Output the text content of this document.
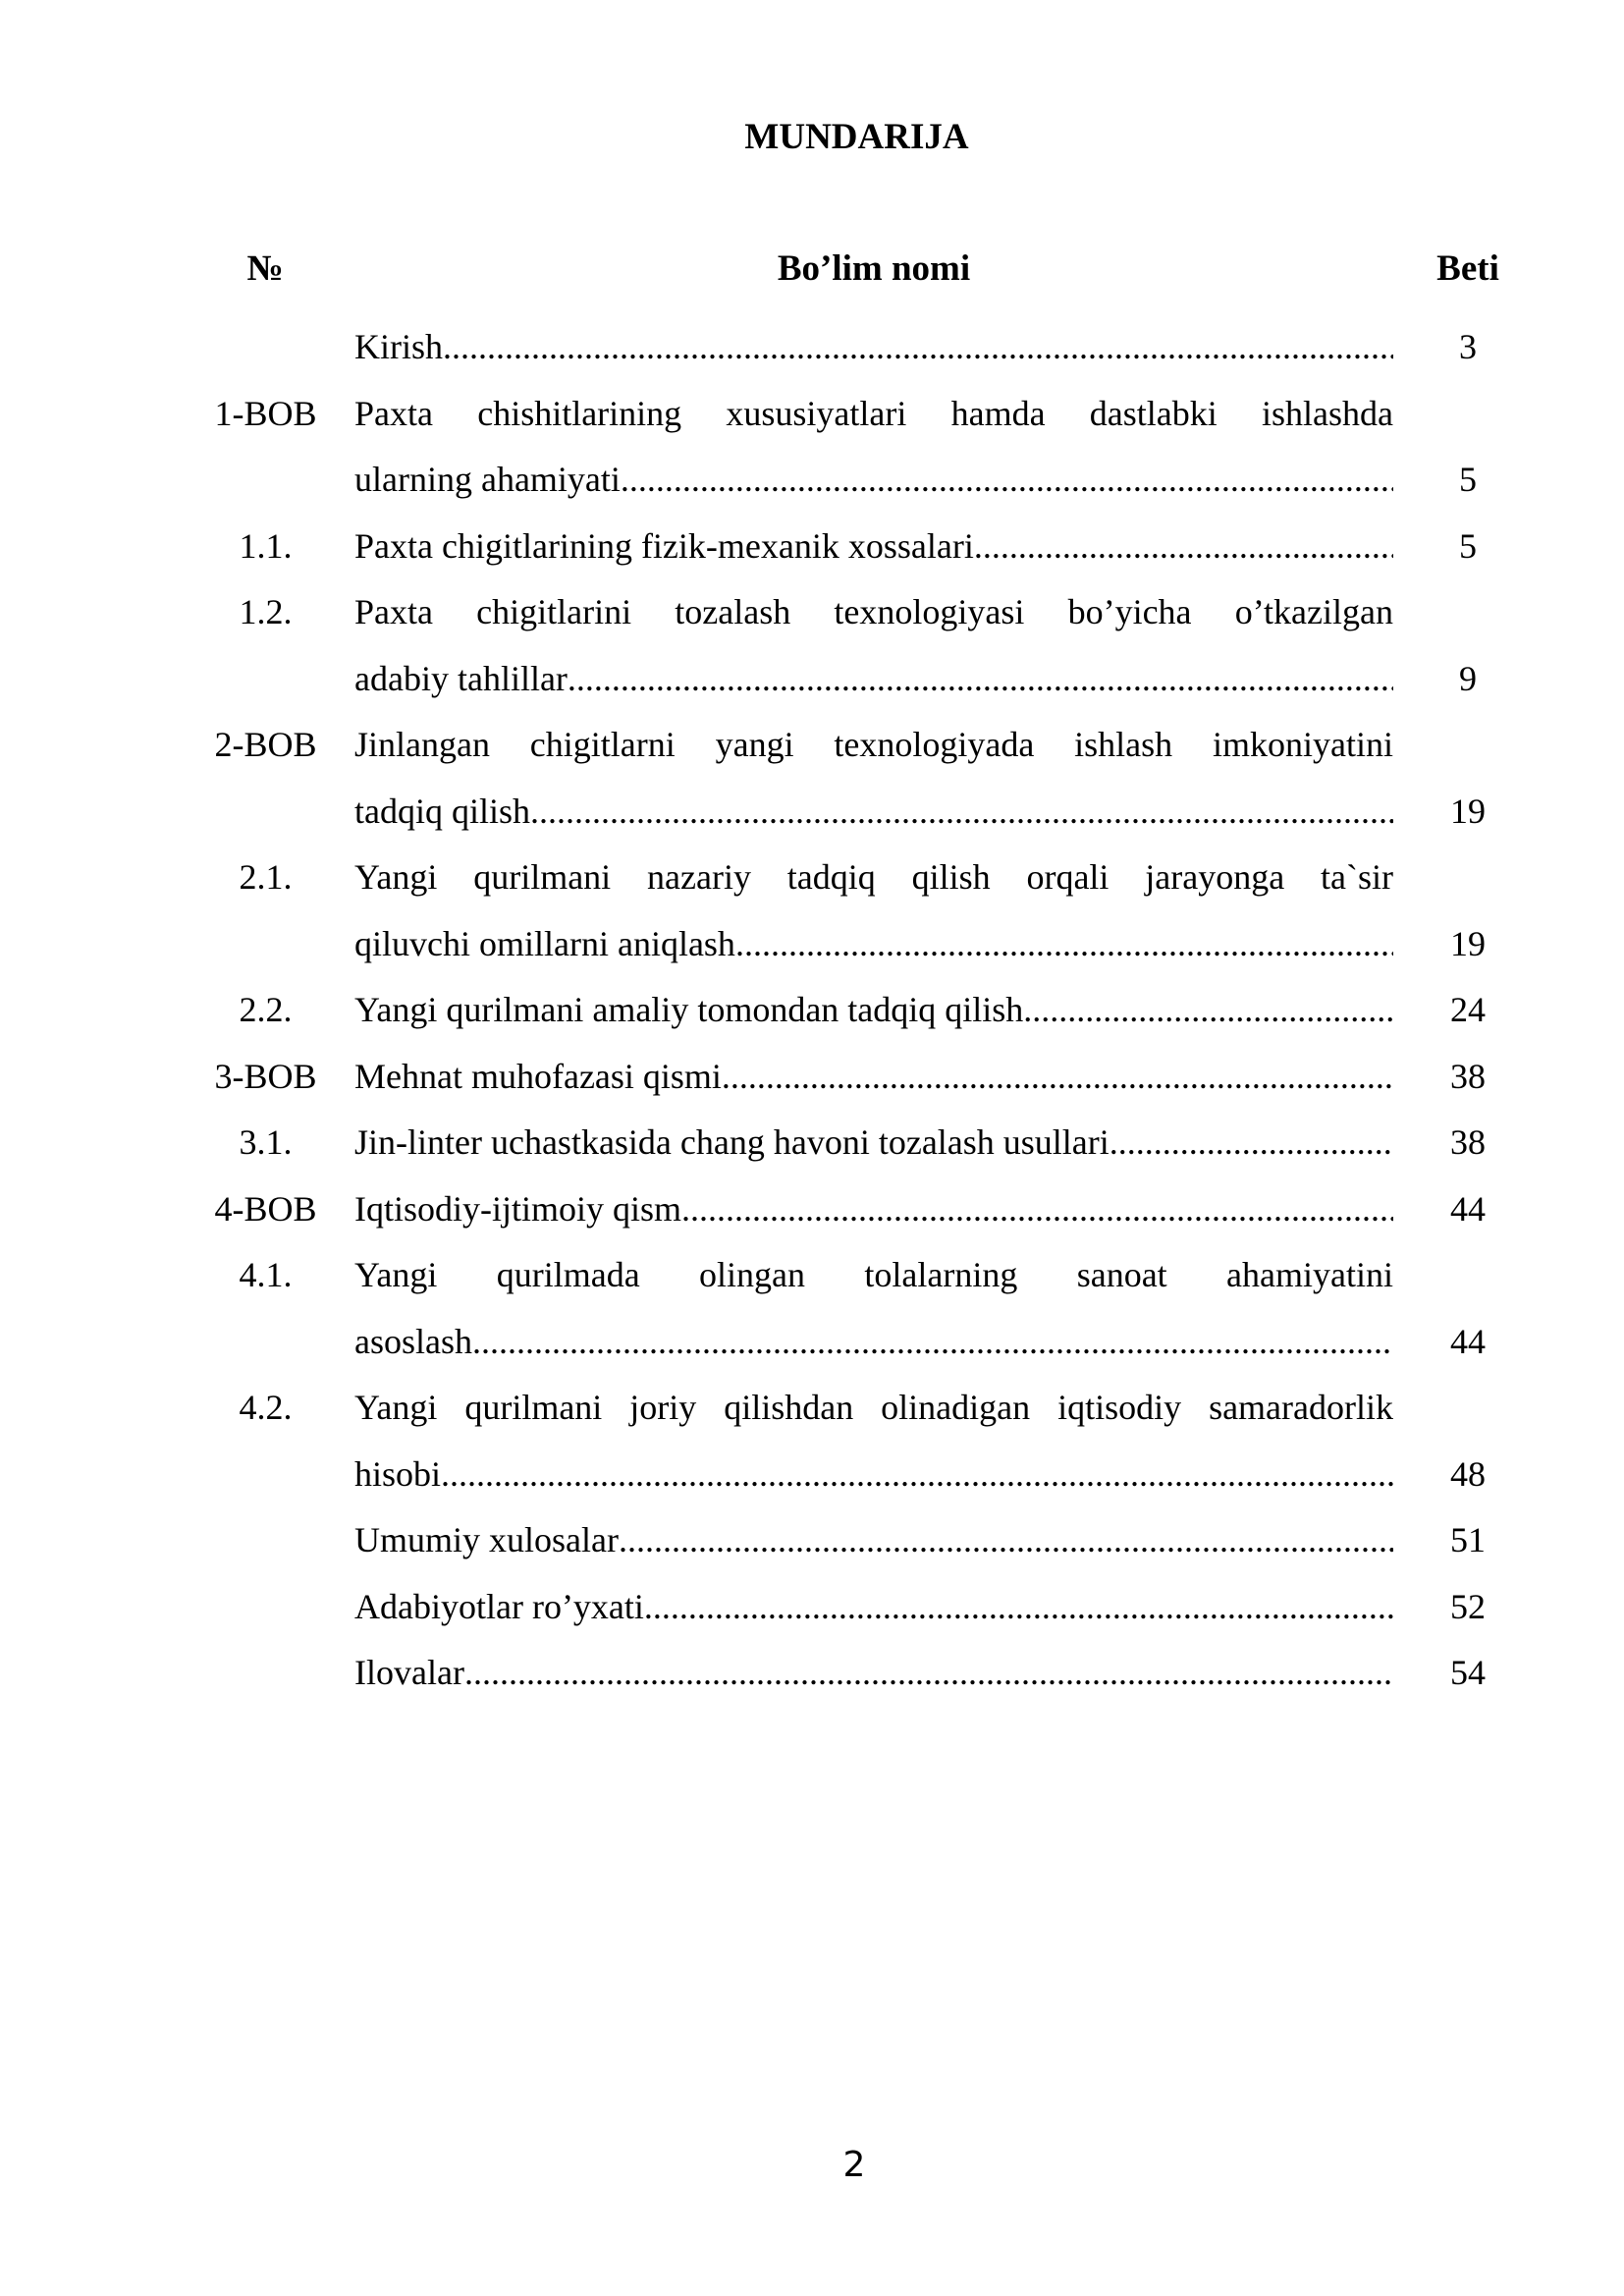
MUNDARIJA
№	Bo’lim nomi	Beti
Kirish .....	3
1-BOB	Paxta chishitlarining xususiyatlari hamda dastlabki ishlashda
ularning ahamiyati .....	5
1.1.	Paxta chigitlarining fizik-mexanik xossalari .....	5
1.2.	Paxta chigitlarini tozalash texnologiyasi bo’yicha o’tkazilgan
adabiy tahlillar .....	9
2-BOB	Jinlangan chigitlarni yangi texnologiyada ishlash imkoniyatini
tadqiq qilish .....	19
2.1.	Yangi qurilmani nazariy tadqiq qilish orqali jarayonga ta`sir
qiluvchi omillarni aniqlash .....	19
2.2.	Yangi qurilmani amaliy tomondan tadqiq qilish .....	24
3-BOB	Mehnat muhofazasi qismi .....	38
3.1.	Jin-linter uchastkasida chang havoni tozalash usullari .....	38
4-BOB	Iqtisodiy-ijtimoiy qism .....	44
4.1.	Yangi qurilmada olingan tolalarning sanoat ahamiyatini
asoslash .....	44
4.2.	Yangi qurilmani joriy qilishdan olinadigan iqtisodiy samaradorlik
hisobi .....	48
Umumiy xulosalar .....	51
Adabiyotlar ro’yxati .....	52
Ilovalar .....	54
2
